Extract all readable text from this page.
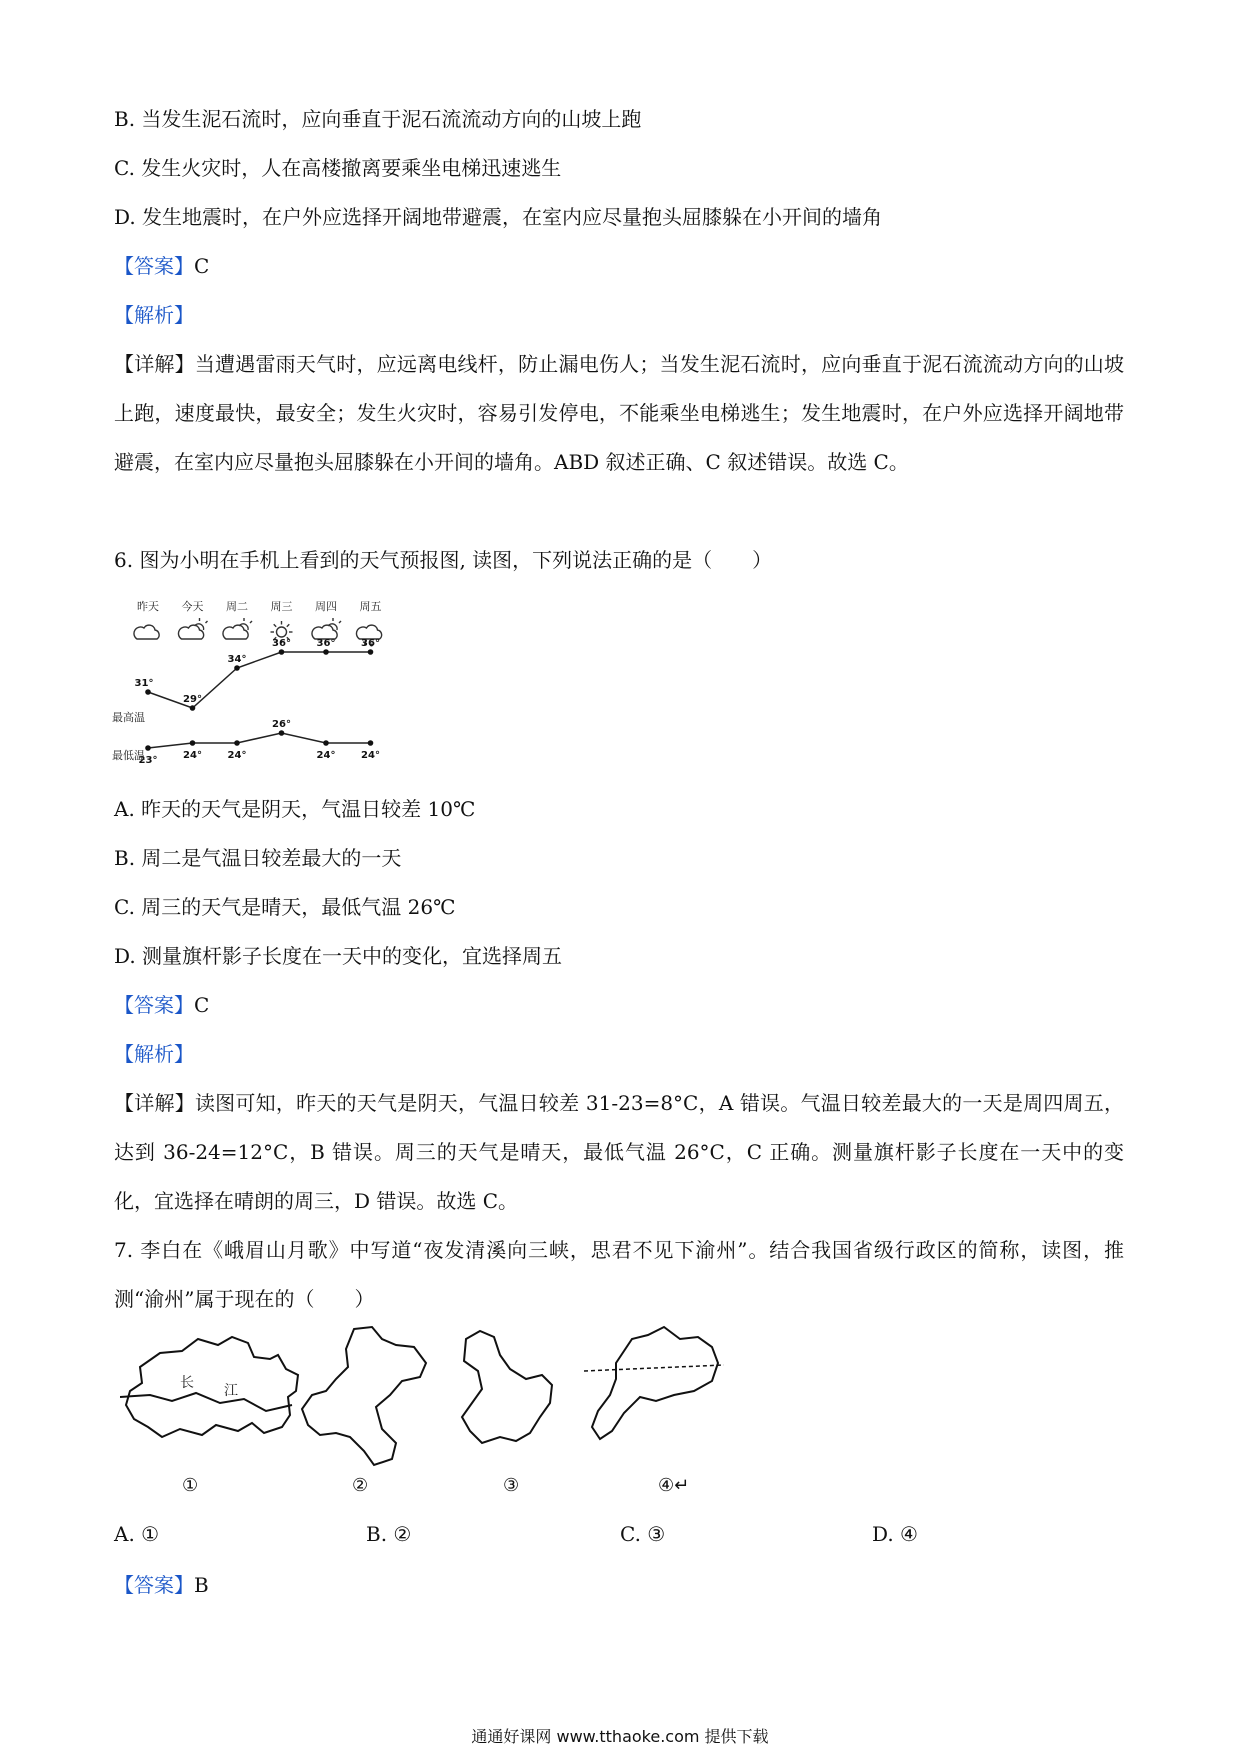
B. 当发生泥石流时，应向垂直于泥石流流动方向的山坡上跑
C. 发生火灾时，人在高楼撤离要乘坐电梯迅速逃生
D. 发生地震时，在户外应选择开阔地带避震，在室内应尽量抱头屈膝躲在小开间的墙角
【答案】C
【解析】
【详解】当遭遇雷雨天气时，应远离电线杆，防止漏电伤人；当发生泥石流时，应向垂直于泥石流流动方向的山坡上跑，速度最快，最安全；发生火灾时，容易引发停电，不能乘坐电梯逃生；发生地震时，在户外应选择开阔地带避震，在室内应尽量抱头屈膝躲在小开间的墙角。ABD 叙述正确、C 叙述错误。故选 C。
6. 图为小明在手机上看到的天气预报图, 读图，下列说法正确的是（　　）
昨天 今天 周二 周三 周四 周五
31°
29°
34°
36°	36°	36°
23°	24°	24°
26°
24°	24°
最高温
最低温
A. 昨天的天气是阴天，气温日较差 10℃
B. 周二是气温日较差最大的一天
C. 周三的天气是晴天，最低气温 26℃
D. 测量旗杆影子长度在一天中的变化，宜选择周五
【答案】C
【解析】
【详解】读图可知，昨天的天气是阴天，气温日较差 31-23=8°C，A 错误。气温日较差最大的一天是周四周五，达到 36-24=12°C，B 错误。周三的天气是晴天，最低气温 26°C，C 正确。测量旗杆影子长度在一天中的变化，宜选择在晴朗的周三，D 错误。故选 C。
7. 李白在《峨眉山月歌》中写道“夜发清溪向三峡，思君不见下渝州”。结合我国省级行政区的简称，读图，推测“渝州”属于现在的（　　）
长 江
①	②	③	④↵
A. ①	B. ②	C. ③	D. ④
【答案】B
通通好课网 www.tthaoke.com 提供下载
